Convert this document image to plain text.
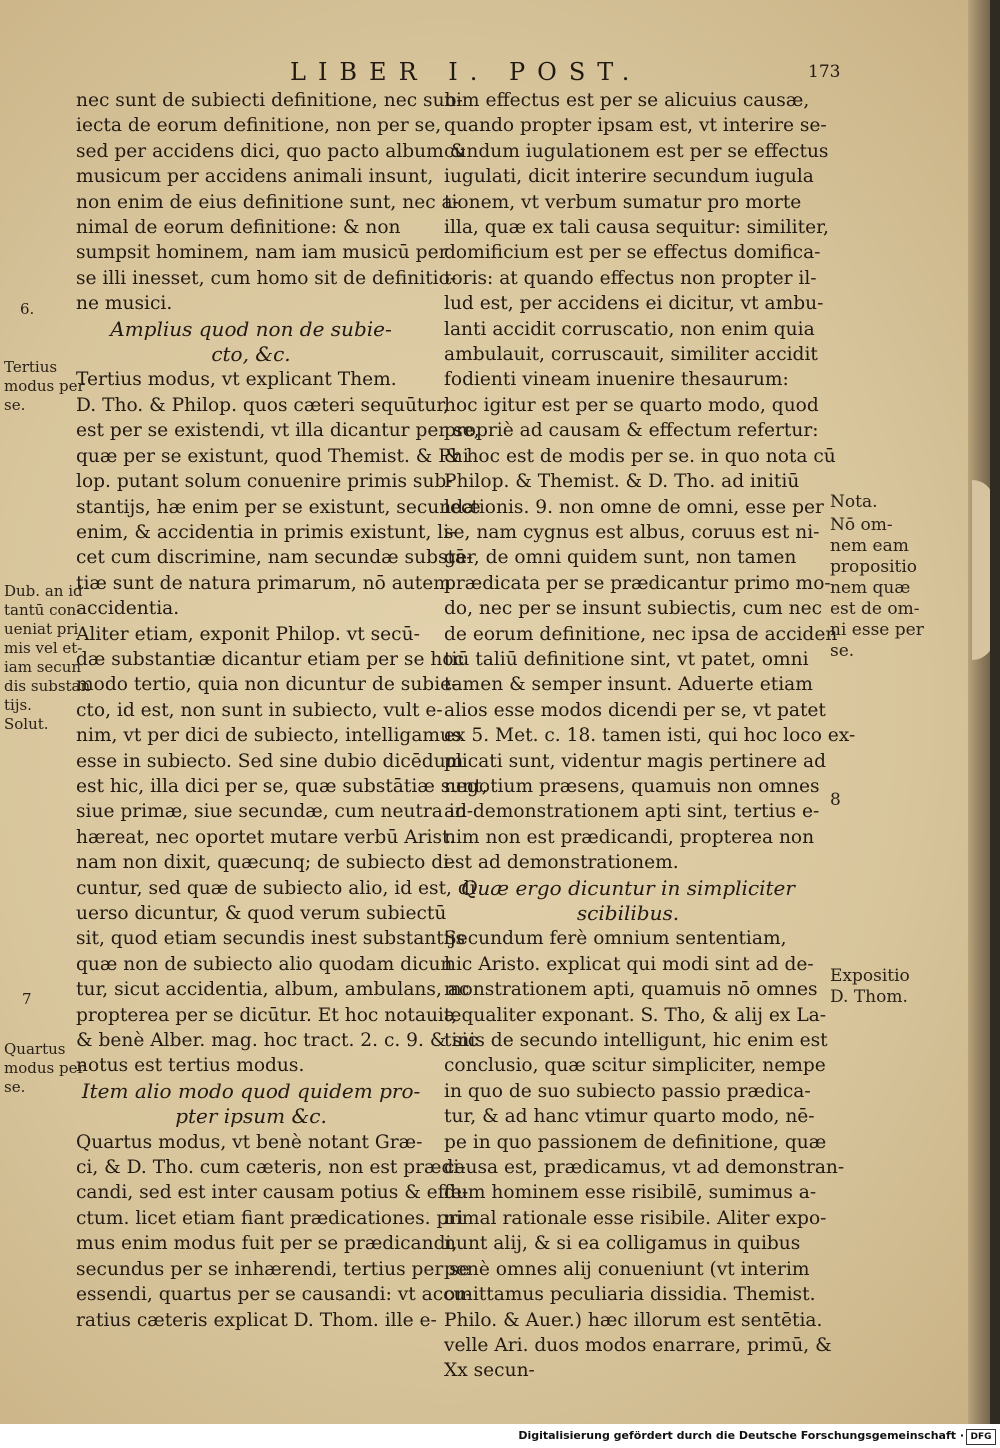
LIBER I. POST.	173

nec sunt de subiecti definitione, nec sub-

iecta de eorum definitione, non per se,

sed per accidens dici, quo pacto album &

musicum per accidens animali insunt,

non enim de eius definitione sunt, nec a-

nimal de eorum definitione: & non

sumpsit hominem, nam iam musicū per

se illi inesset, cum homo sit de definitio-

ne musici.

Amplius quod non de subie-

cto, &c.

Tertius modus, vt explicant Them.

D. Tho. & Philop. quos cæteri sequūtur,

est per se existendi, vt illa dicantur per se,

quæ per se existunt, quod Themist. & Phi

lop. putant solum conuenire primis sub-

stantijs, hæ enim per se existunt, secundæ

enim, & accidentia in primis existunt, li-

cet cum discrimine, nam secundæ substā-

tiæ sunt de natura primarum, nō autem

accidentia.

Aliter etiam, exponit Philop. vt secū-

dæ substantiæ dicantur etiam per se hoc

modo tertio, quia non dicuntur de subie-

cto, id est, non sunt in subiecto, vult e-

nim, vt per dici de subiecto, intelligamus

esse in subiecto. Sed sine dubio dicēdum

est hic, illa dici per se, quæ substātiæ sunt,

siue primæ, siue secundæ, cum neutra in-

hæreat, nec oportet mutare verbū Arist.

nam non dixit, quæcunq; de subiecto di-

cuntur, sed quæ de subiecto alio, id est, di

uerso dicuntur, & quod verum subiectū

sit, quod etiam secundis inest substantijs

quæ non de subiecto alio quodam dicun

tur, sicut accidentia, album, ambulans, ac

propterea per se dicūtur. Et hoc notauit,

& benè Alber. mag. hoc tract. 2. c. 9. & sic

notus est tertius modus.

Item alio modo quod quidem pro-

pter ipsum &c.

Quartus modus, vt benè notant Græ-

ci, & D. Tho. cum cæteris, non est prædi-

candi, sed est inter causam potius & effe-

ctum. licet etiam fiant prædicationes. pri

mus enim modus fuit per se prædicandi,

secundus per se inhærendi, tertius per se

essendi, quartus per se causandi: vt accu-

ratius cæteris explicat D. Thom. ille e-

nim effectus est per se alicuius causæ,

quando propter ipsam est, vt interire se-

cundum iugulationem est per se effectus

iugulati, dicit interire secundum iugula

tionem, vt verbum sumatur pro morte

illa, quæ ex tali causa sequitur: similiter,

domificium est per se effectus domifica-

toris: at quando effectus non propter il-

lud est, per accidens ei dicitur, vt ambu-

lanti accidit corruscatio, non enim quia

ambulauit, corruscauit, similiter accidit

fodienti vineam inuenire thesaurum:

hoc igitur est per se quarto modo, quod

propriè ad causam & effectum refertur:

& hoc est de modis per se. in quo nota cū

Philop. & Themist. & D. Tho. ad initiū

lectionis. 9. non omne de omni, esse per

se, nam cygnus est albus, coruus est ni-

ger, de omni quidem sunt, non tamen

prædicata per se prædicantur primo mo-

do, nec per se insunt subiectis, cum nec

de eorum definitione, nec ipsa de acciden

tiū taliū definitione sint, vt patet, omni

tamen & semper insunt. Aduerte etiam

alios esse modos dicendi per se, vt patet

ex 5. Met. c. 18. tamen isti, qui hoc loco ex-

plicati sunt, videntur magis pertinere ad

negotium præsens, quamuis non omnes

ad demonstrationem apti sint, tertius e-

nim non est prædicandi, propterea non

est ad demonstrationem.

Quæ ergo dicuntur in simpliciter

scibilibus.

Secundum ferè omnium sententiam,

hic Aristo. explicat qui modi sint ad de-

monstrationem apti, quamuis nō omnes

æqualiter exponant. S. Tho, & alij ex La-

tinis de secundo intelligunt, hic enim est

conclusio, quæ scitur simpliciter, nempe

in quo de suo subiecto passio prædica-

tur, & ad hanc vtimur quarto modo, nē-

pe in quo passionem de definitione, quæ

causa est, prædicamus, vt ad demonstran-

dum hominem esse risibilē, sumimus a-

nimal rationale esse risibile. Aliter expo-

nunt alij, & si ea colligamus in quibus

penè omnes alij conueniunt (vt interim

omittamus peculiaria dissidia. Themist.

Philo. & Auer.) hæc illorum est sentētia.

velle Ari. duos modos enarrare, primū, &

Xx secun-

6.
Tertius
modus per
se.
Dub. an id
tantū con-
ueniat pri
mis vel et-
iam secun
dis substan
tijs.
Solut.
7
Quartus
modus per
se.
Nota.
Nō om-
nem eam
propositio
nem quæ
est de om-
ni esse per
se.
8
Expositio
D. Thom.
Digitalisierung gefördert durch die Deutsche Forschungsgemeinschaft · DFG
